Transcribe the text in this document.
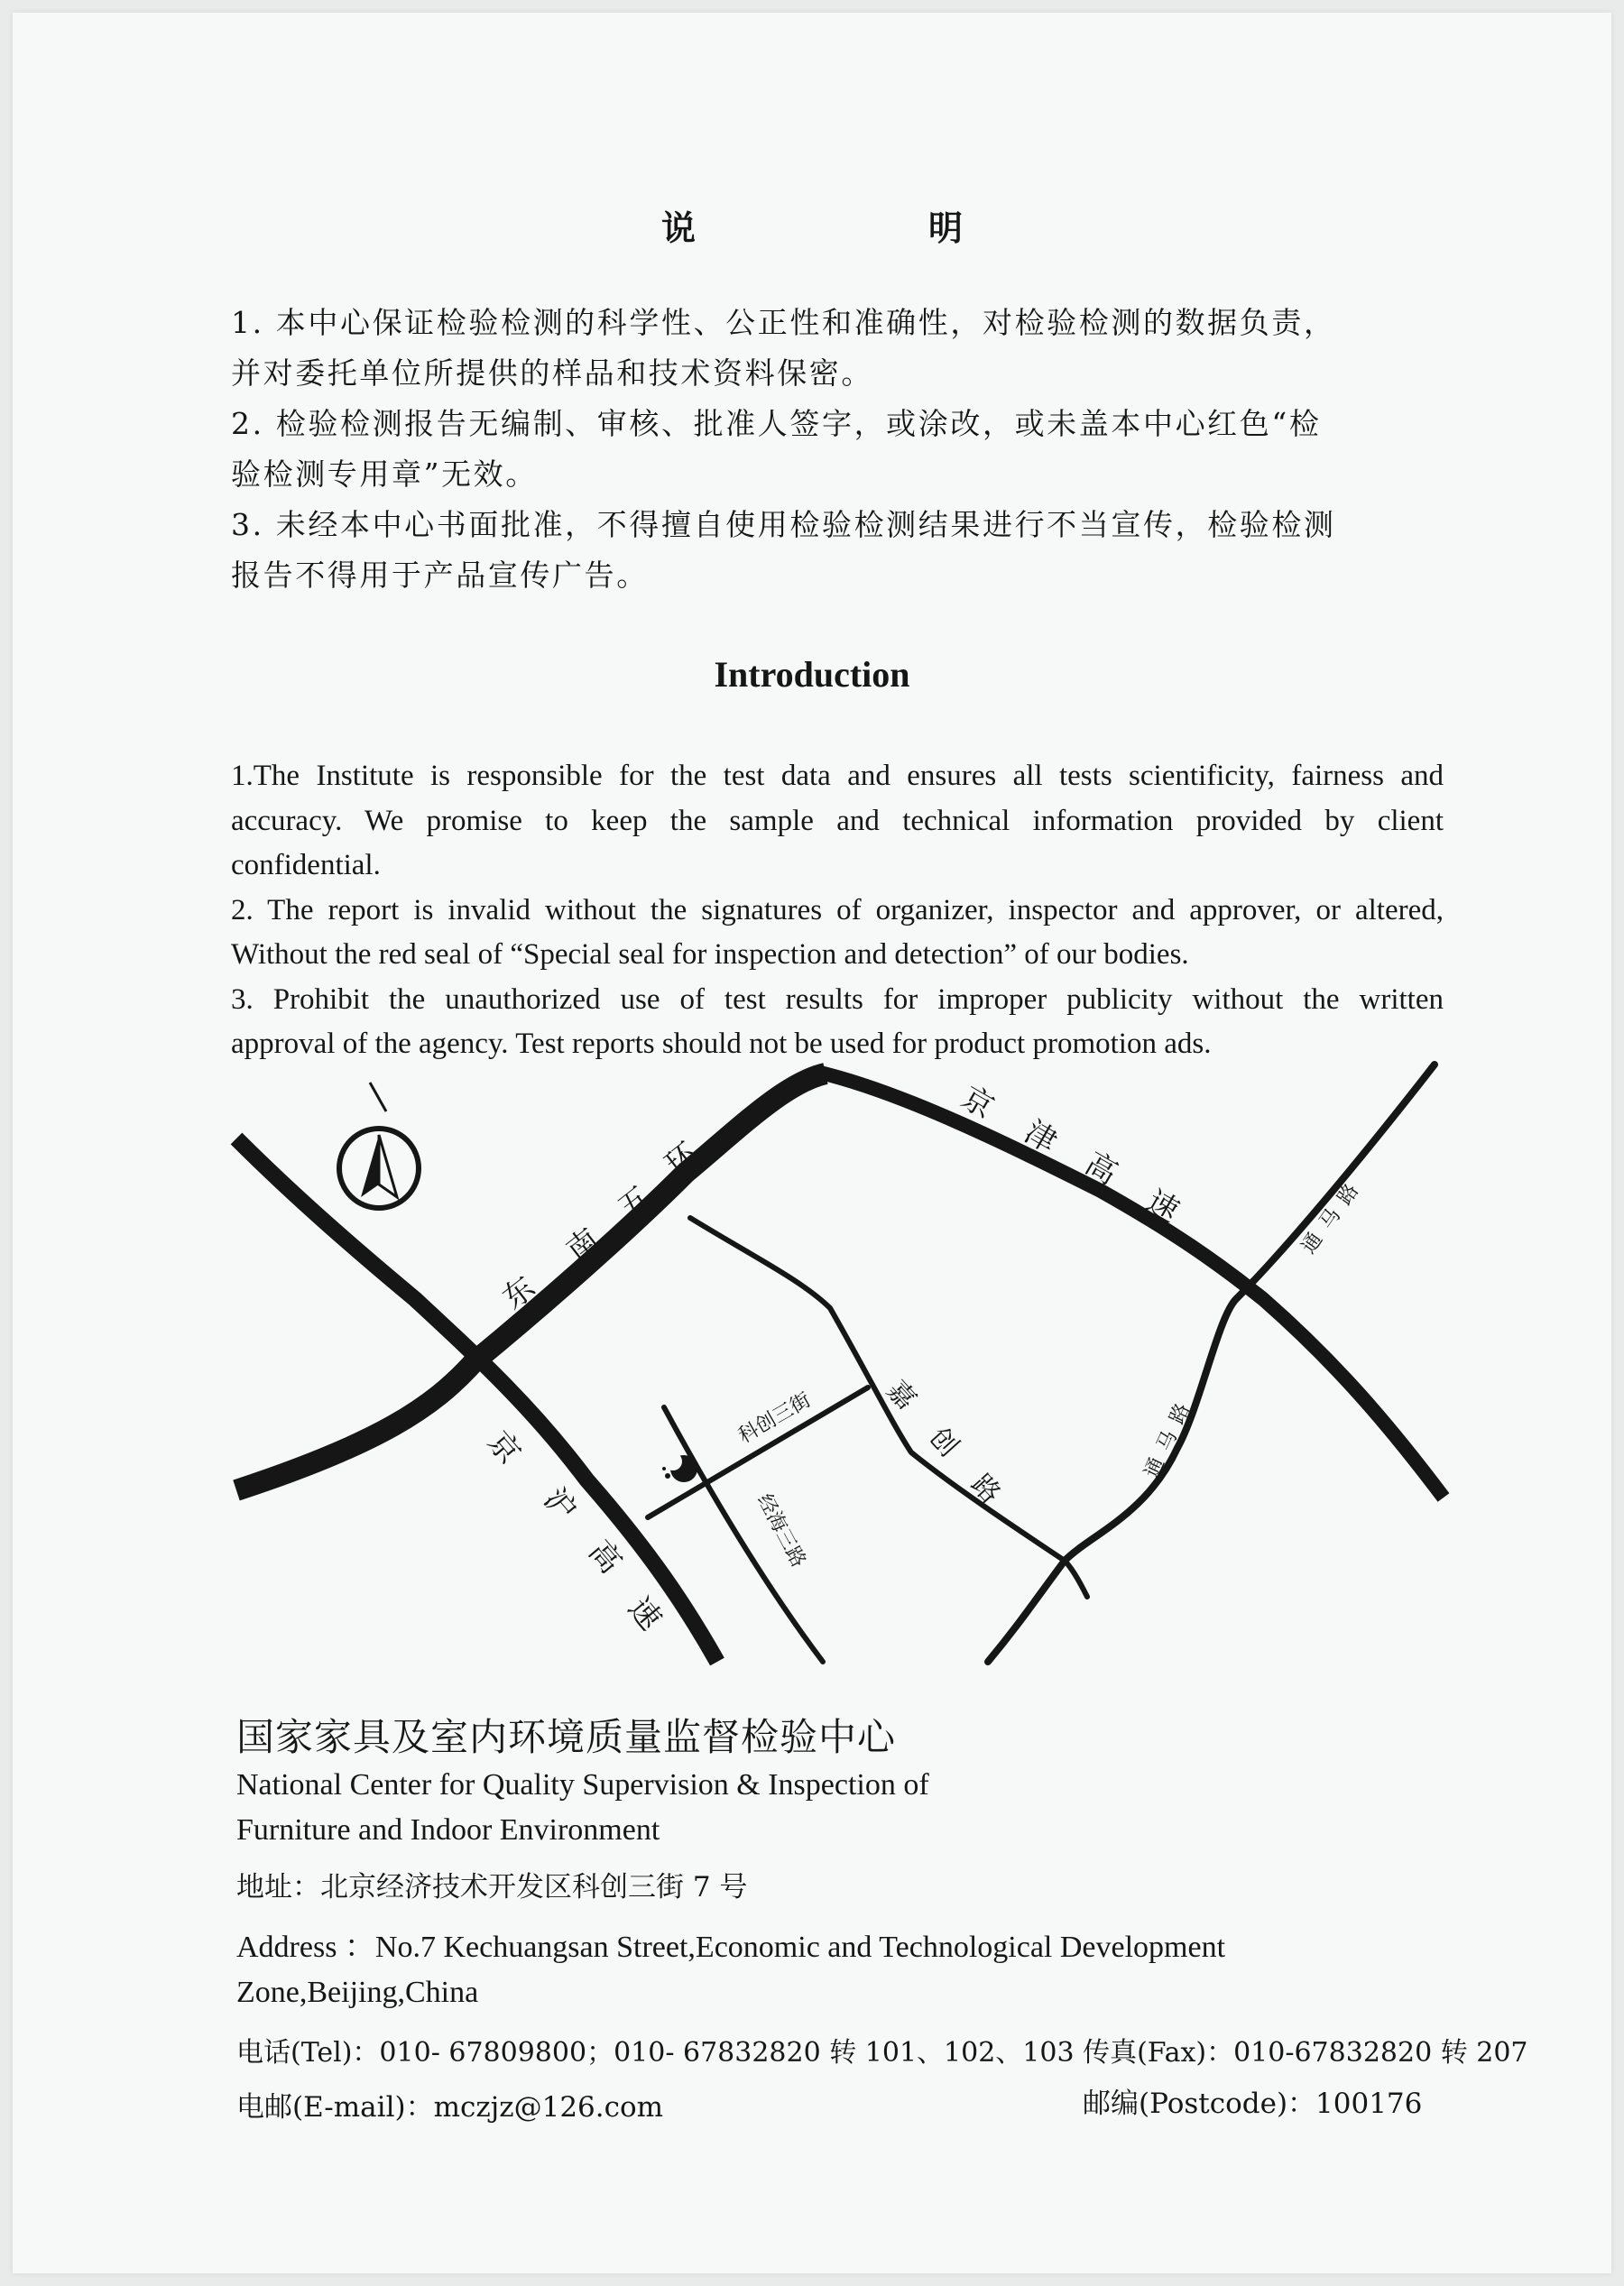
说　明
1. 本中心保证检验检测的科学性、公正性和准确性，对检验检测的数据负责，
并对委托单位所提供的样品和技术资料保密。
2. 检验检测报告无编制、审核、批准人签字，或涂改，或未盖本中心红色“检
验检测专用章”无效。
3. 未经本中心书面批准，不得擅自使用检验检测结果进行不当宣传，检验检测
报告不得用于产品宣传广告。
Introduction
1.The Institute is responsible for the test data and ensures all tests scientificity, fairness and
accuracy. We promise to keep the sample and technical information provided by client
confidential.
2. The report is invalid without the signatures of organizer, inspector and approver, or altered,
Without the red seal of “Special seal for inspection and detection” of our bodies.
3. Prohibit the unauthorized use of test results for improper publicity without the written
approval of the agency. Test reports should not be used for product promotion ads.
东
南
五
环
京
津
高
速
京
沪
高
速
通
马
路
通
马
路
科创三街
经海三路	嘉创路
国家家具及室内环境质量监督检验中心
National Center for Quality Supervision & Inspection of
Furniture and Indoor Environment
地址：北京经济技术开发区科创三街 7 号
Address ：No.7 Kechuangsan Street,Economic and Technological Development
Zone,Beijing,China
电话(Tel)：010- 67809800；010- 67832820 转 101、102、103 传真(Fax)：010-67832820 转 207
电邮(E-mail)：mczjz@126.com	邮编(Postcode)：100176
